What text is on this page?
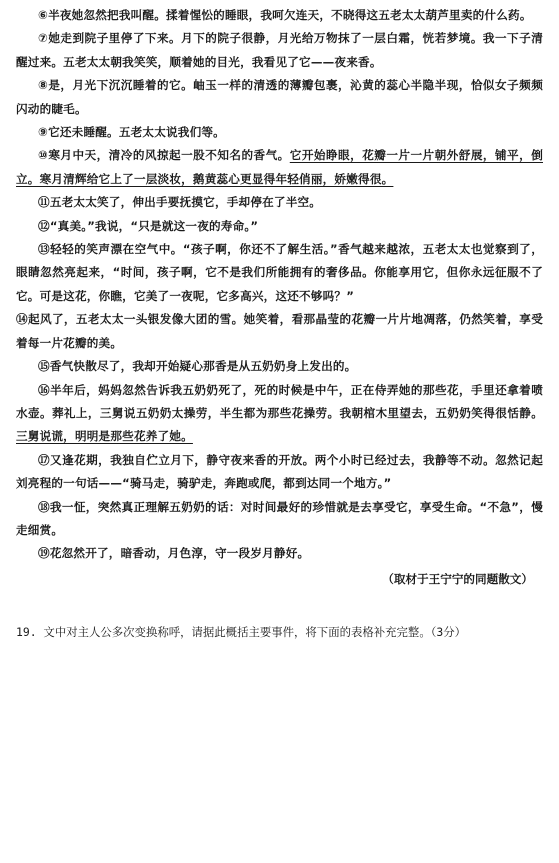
⑥半夜她忽然把我叫醒。揉着惺忪的睡眼，我呵欠连天，不晓得这五老太太葫芦里卖的什么药。

⑦她走到院子里停了下来。月下的院子很静，月光给万物抹了一层白霜，恍若梦境。我一下子清醒过来。五老太太朝我笑笑，顺着她的目光，我看见了它——夜来香。

⑧是，月光下沉沉睡着的它。岫玉一样的清透的薄瓣包裹，沁黄的蕊心半隐半现，恰似女子频频闪动的睫毛。

⑨它还未睡醒。五老太太说我们等。

⑩寒月中天，清冷的风掠起一股不知名的香气。它开始睁眼，花瓣一片一片朝外舒展，铺平，倒立。寒月清辉给它上了一层淡妆，鹅黄蕊心更显得年轻俏丽，娇嫩得很。

⑪五老太太笑了，伸出手要抚摸它，手却停在了半空。

⑫“真美。”我说，“只是就这一夜的寿命。”

⑬轻轻的笑声漂在空气中。“孩子啊，你还不了解生活。”香气越来越浓，五老太太也觉察到了，眼睛忽然亮起来，“时间，孩子啊，它不是我们所能拥有的奢侈品。你能享用它，但你永远征服不了它。可是这花，你瞧，它美了一夜呢，它多高兴，这还不够吗？”

⑭起风了，五老太太一头银发像大团的雪。她笑着，看那晶莹的花瓣一片片地凋落，仍然笑着，享受着每一片花瓣的美。

⑮香气快散尽了，我却开始疑心那香是从五奶奶身上发出的。

⑯半年后，妈妈忽然告诉我五奶奶死了，死的时候是中午，正在侍弄她的那些花，手里还拿着喷水壶。葬礼上，三舅说五奶奶太操劳，半生都为那些花操劳。我朝棺木里望去，五奶奶笑得很恬静。三舅说谎，明明是那些花养了她。

⑰又逢花期，我独自伫立月下，静守夜来香的开放。两个小时已经过去，我静等不动。忽然记起刘亮程的一句话——“骑马走，骑驴走，奔跑或爬，都到达同一个地方。”

⑱我一怔，突然真正理解五奶奶的话：对时间最好的珍惜就是去享受它，享受生命。“不急”，慢走细赏。

⑲花忽然开了，暗香动，月色淳，守一段岁月静好。

（取材于王宁宁的同题散文）

19. 文中对主人公多次变换称呼，请据此概括主要事件，将下面的表格补充完整。（3分）
